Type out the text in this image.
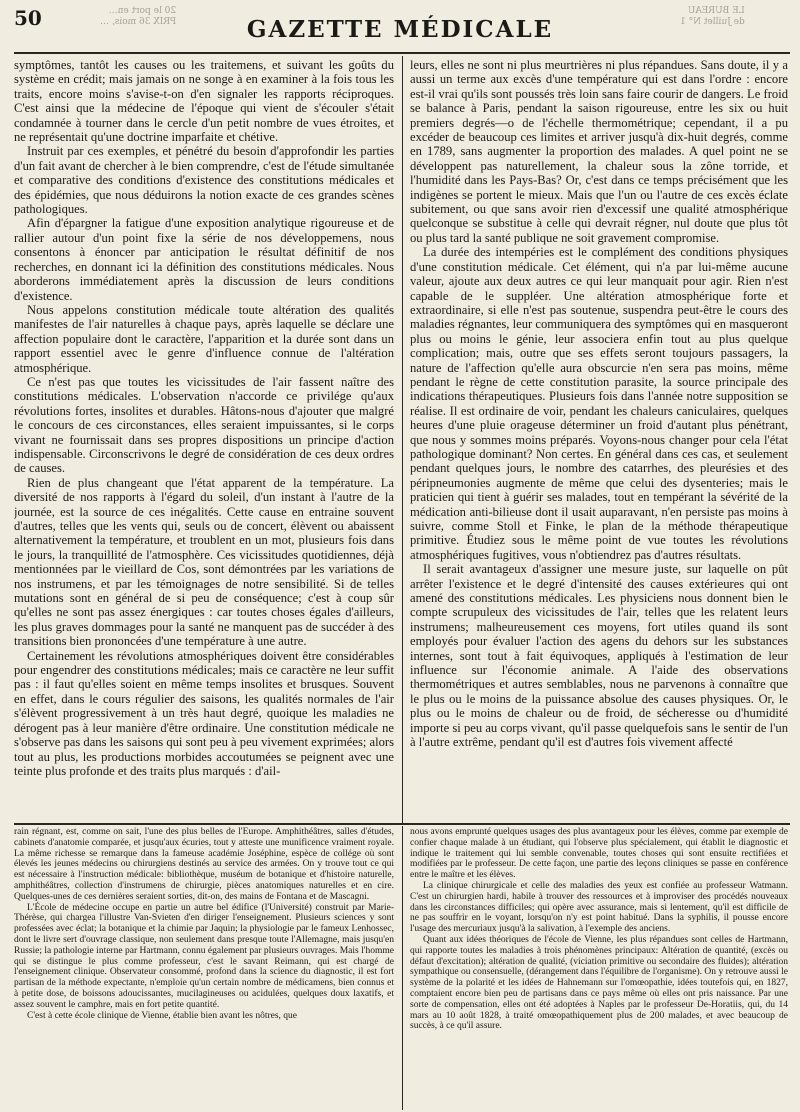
20 le port en…
PRIX 36 mois, …
LE BUREAU
de Juillet N° 1
50	GAZETTE MÉDICALE

symptômes, tantôt les causes ou les traitemens, et suivant les goûts du système en crédit; mais jamais on ne songe à en examiner à la fois tous les traits, encore moins s'avise-t-on d'en signaler les rapports réciproques. C'est ainsi que la médecine de l'époque qui vient de s'écouler s'était condamnée à tourner dans le cercle d'un petit nombre de vues étroites, et ne représentait qu'une doctrine imparfaite et chétive.

Instruit par ces exemples, et pénétré du besoin d'approfondir les parties d'un fait avant de chercher à le bien comprendre, c'est de l'étude simultanée et comparative des conditions d'existence des constitutions médicales et des épidémies, que nous déduirons la notion exacte de ces grandes scènes pathologiques.

Afin d'épargner la fatigue d'une exposition analytique rigoureuse et de rallier autour d'un point fixe la série de nos développemens, nous consentons à énoncer par anticipation le résultat définitif de nos recherches, en donnant ici la définition des constitutions médicales. Nous aborderons immédiatement après la discussion de leurs conditions d'existence.

Nous appelons constitution médicale toute altération des qualités manifestes de l'air naturelles à chaque pays, après laquelle se déclare une affection populaire dont le caractère, l'apparition et la durée sont dans un rapport essentiel avec le genre d'influence connue de l'altération atmosphérique.

Ce n'est pas que toutes les vicissitudes de l'air fassent naître des constitutions médicales. L'observation n'accorde ce privilége qu'aux révolutions fortes, insolites et durables. Hâtons-nous d'ajouter que malgré le concours de ces circonstances, elles seraient impuissantes, si le corps vivant ne fournissait dans ses propres dispositions un principe d'action indispensable. Circonscrivons le degré de considération de ces deux ordres de causes.

Rien de plus changeant que l'état apparent de la température. La diversité de nos rapports à l'égard du soleil, d'un instant à l'autre de la journée, est la source de ces inégalités. Cette cause en entraine souvent d'autres, telles que les vents qui, seuls ou de concert, élèvent ou abaissent alternativement la température, et troublent en un mot, plusieurs fois dans le jours, la tranquillité de l'atmosphère. Ces vicissitudes quotidiennes, déjà mentionnées par le vieillard de Cos, sont démontrées par les variations de nos instrumens, et par les témoignages de notre sensibilité. Si de telles mutations sont en général de si peu de conséquence; c'est à coup sûr qu'elles ne sont pas assez énergiques : car toutes choses égales d'ailleurs, les plus graves dommages pour la santé ne manquent pas de succéder à des transitions bien prononcées d'une température à une autre.

Certainement les révolutions atmosphériques doivent être considérables pour engendrer des constitutions médicales; mais ce caractère ne leur suffit pas : il faut qu'elles soient en même temps insolites et brusques. Souvent en effet, dans le cours régulier des saisons, les qualités normales de l'air s'élèvent progressivement à un très haut degré, quoique les maladies ne dérogent pas à leur manière d'être ordinaire. Une constitution médicale ne s'observe pas dans les saisons qui sont peu à peu vivement exprimées; alors tout au plus, les productions morbides accoutumées se peignent avec une teinte plus profonde et des traits plus marqués : d'ail-

leurs, elles ne sont ni plus meurtrières ni plus répandues. Sans doute, il y a aussi un terme aux excès d'une température qui est dans l'ordre : encore est-il vrai qu'ils sont poussés très loin sans faire courir de dangers. Le froid se balance à Paris, pendant la saison rigoureuse, entre les six ou huit premiers degrés—o de l'échelle thermométrique; cependant, il a pu excéder de beaucoup ces limites et arriver jusqu'à dix-huit degrés, comme en 1789, sans augmenter la proportion des malades. A quel point ne se développent pas naturellement, la chaleur sous la zône torride, et l'humidité dans les Pays-Bas? Or, c'est dans ce temps précisément que les indigènes se portent le mieux. Mais que l'un ou l'autre de ces excès éclate subitement, ou que sans avoir rien d'excessif une qualité atmosphérique quelconque se substitue à celle qui devrait régner, nul doute que plus tôt ou plus tard la santé publique ne soit gravement compromise.

La durée des intempéries est le complément des conditions physiques d'une constitution médicale. Cet élément, qui n'a par lui-même aucune valeur, ajoute aux deux autres ce qui leur manquait pour agir. Rien n'est capable de le suppléer. Une altération atmosphérique forte et extraordinaire, si elle n'est pas soutenue, suspendra peut-être le cours des maladies régnantes, leur communiquera des symptômes qui en masqueront plus ou moins le génie, leur associera enfin tout au plus quelque complication; mais, outre que ses effets seront toujours passagers, la nature de l'affection qu'elle aura obscurcie n'en sera pas moins, même pendant le règne de cette constitution parasite, la source principale des indications thérapeutiques. Plusieurs fois dans l'année notre supposition se réalise. Il est ordinaire de voir, pendant les chaleurs caniculaires, quelques heures d'une pluie orageuse déterminer un froid d'autant plus pénétrant, que nous y sommes moins préparés. Voyons-nous changer pour cela l'état pathologique dominant? Non certes. En général dans ces cas, et seulement pendant quelques jours, le nombre des catarrhes, des pleurésies et des péripneumonies augmente de même que celui des dysenteries; mais le praticien qui tient à guérir ses malades, tout en tempérant la sévérité de la médication anti-bilieuse dont il usait auparavant, n'en persiste pas moins à suivre, comme Stoll et Finke, le plan de la méthode thérapeutique primitive. Étudiez sous le même point de vue toutes les révolutions atmosphériques fugitives, vous n'obtiendrez pas d'autres résultats.

Il serait avantageux d'assigner une mesure juste, sur laquelle on pût arrêter l'existence et le degré d'intensité des causes extérieures qui ont amené des constitutions médicales. Les physiciens nous donnent bien le compte scrupuleux des vicissitudes de l'air, telles que les relatent leurs instrumens; malheureusement ces moyens, fort utiles quand ils sont employés pour évaluer l'action des agens du dehors sur les substances internes, sont tout à fait équivoques, appliqués à l'estimation de leur influence sur l'économie animale. A l'aide des observations thermométriques et autres semblables, nous ne parvenons à connaître que le plus ou le moins de la puissance absolue des causes physiques. Or, le plus ou le moins de chaleur ou de froid, de sécheresse ou d'humidité importe si peu au corps vivant, qu'il passe quelquefois sans le sentir de l'un à l'autre extrême, pendant qu'il est d'autres fois vivement affecté

rain régnant, est, comme on sait, l'une des plus belles de l'Europe. Amphithéâtres, salles d'études, cabinets d'anatomie comparée, et jusqu'aux écuries, tout y atteste une munificence vraiment royale. La même richesse se remarque dans la fameuse académie Joséphine, espèce de collége où sont élevés les jeunes médecins ou chirurgiens destinés au service des armées. On y trouve tout ce qui est nécessaire à l'instruction médicale: bibliothèque, muséum de botanique et d'histoire naturelle, amphithéâtres, collection d'instrumens de chirurgie, pièces anatomiques naturelles et en cire. Quelques-unes de ces dernières seraient sorties, dit-on, des mains de Fontana et de Mascagni.

L'École de médecine occupe en partie un autre bel édifice (l'Université) construit par Marie-Thérèse, qui chargea l'illustre Van-Svieten d'en diriger l'enseignement. Plusieurs sciences y sont professées avec éclat; la botanique et la chimie par Jaquin; la physiologie par le fameux Lenhossec, dont le livre sert d'ouvrage classique, non seulement dans presque toute l'Allemagne, mais jusqu'en Russie; la pathologie interne par Hartmann, connu également par plusieurs ouvrages. Mais l'homme qui se distingue le plus comme professeur, c'est le savant Reimann, qui est chargé de l'enseignement clinique. Observateur consommé, profond dans la science du diagnostic, il est fort partisan de la méthode expectante, n'emploie qu'un certain nombre de médicamens, bien connus et à petite dose, de boissons adoucissantes, mucilagineuses ou acidulées, quelques doux laxatifs, et assez souvent le camphre, mais en fort petite quantité.

C'est à cette école clinique de Vienne, établie bien avant les nôtres, que

nous avons emprunté quelques usages des plus avantageux pour les élèves, comme par exemple de confier chaque malade à un étudiant, qui l'observe plus spécialement, qui établit le diagnostic et indique le traitement qui lui semble convenable, toutes choses qui sont ensuite rectifiées et modifiées par le professeur. De cette façon, une partie des leçons cliniques se passe en conférence entre le maître et les élèves.

La clinique chirurgicale et celle des maladies des yeux est confiée au professeur Watmann. C'est un chirurgien hardi, habile à trouver des ressources et à improviser des procédés nouveaux dans les circonstances difficiles; qui opère avec assurance, mais si lentement, qu'il est difficile de ne pas souffrir en le voyant, lorsqu'on n'y est point habitué. Dans la syphilis, il pousse encore l'usage des mercuriaux jusqu'à la salivation, à l'exemple des anciens.

Quant aux idées théoriques de l'école de Vienne, les plus répandues sont celles de Hartmann, qui rapporte toutes les maladies à trois phénomènes principaux: Altération de quantité, (excès ou défaut d'excitation); altération de qualité, (viciation primitive ou secondaire des fluides); altération sympathique ou consensuelle, (dérangement dans l'équilibre de l'organisme). On y retrouve aussi le système de la polarité et les idées de Hahnemann sur l'omœopathie, idées toutefois qui, en 1827, comptaient encore bien peu de partisans dans ce pays même où elles ont pris naissance. Par une sorte de compensation, elles ont été adoptées à Naples par le professeur De-Horatiis, qui, du 14 mars au 10 août 1828, à traité omœopathiquement plus de 200 malades, et avec beaucoup de succès, à ce qu'il assure.
